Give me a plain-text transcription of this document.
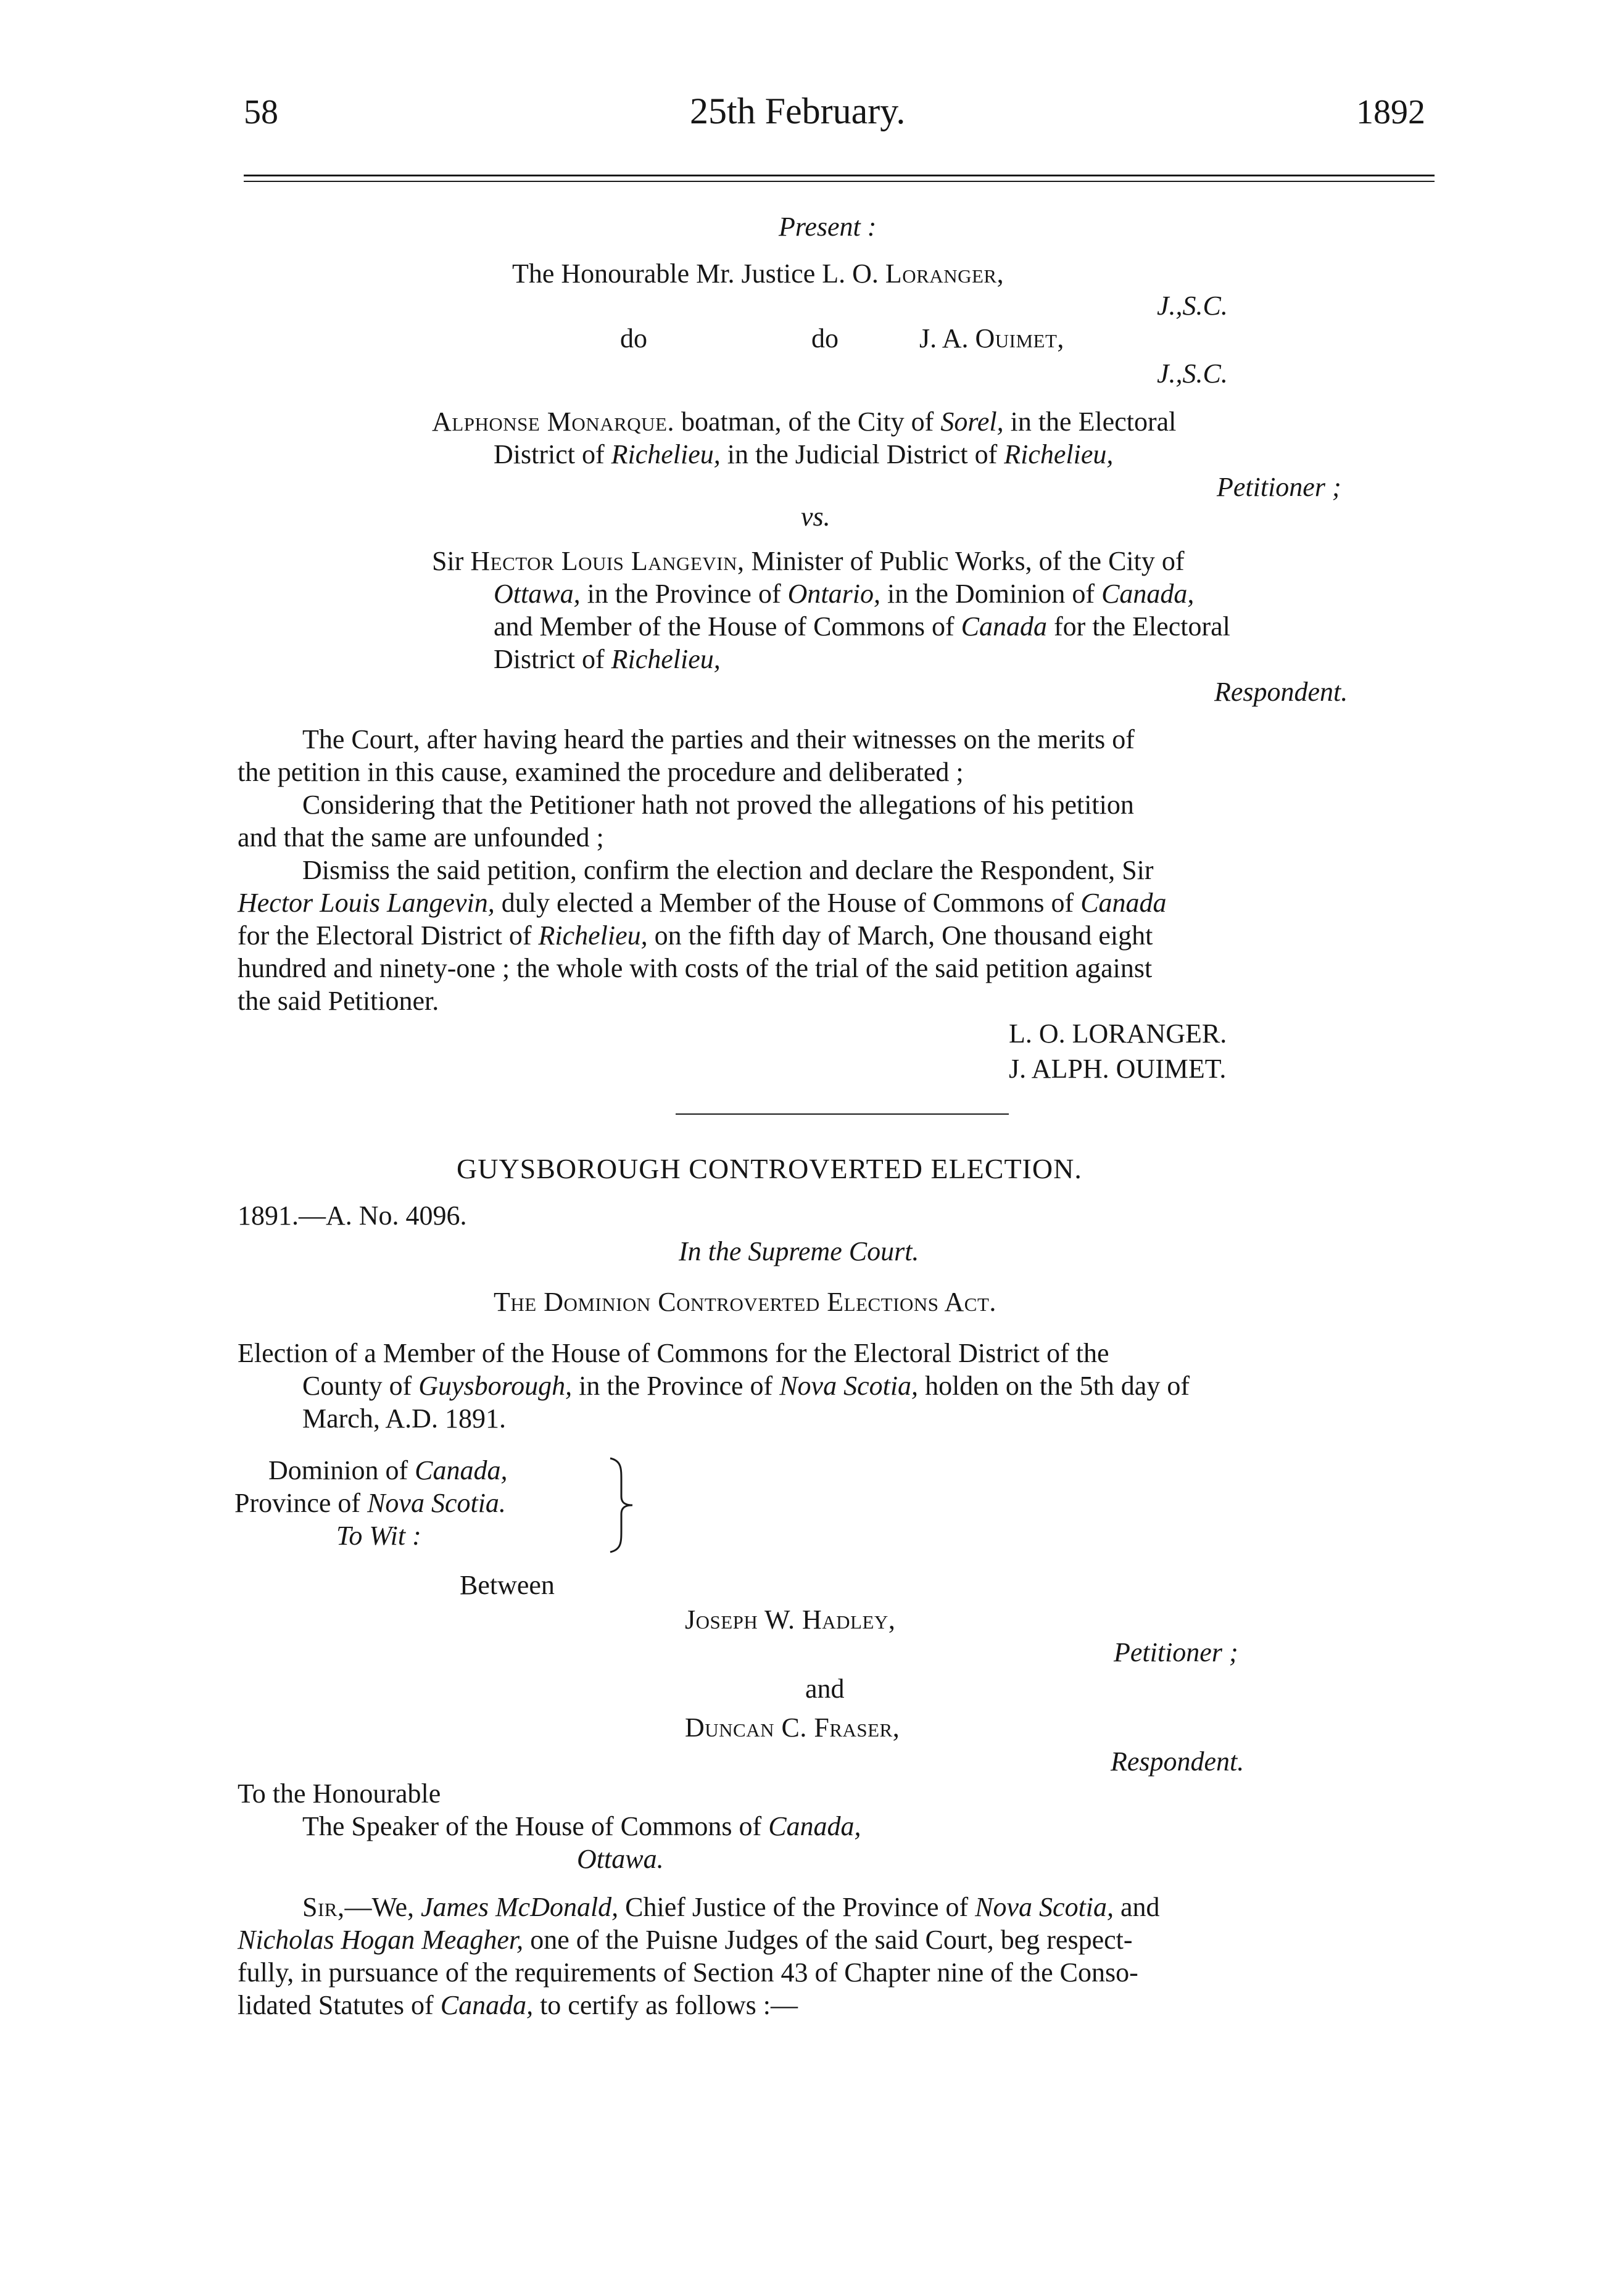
58	25th February.	1892
Present :
The Honourable Mr. Justice L. O. Loranger,
J.,S.C.
do	do	J. A. Ouimet,
J.,S.C.
Alphonse Monarque. boatman, of the City of Sorel, in the Electoral
District of Richelieu, in the Judicial District of Richelieu,
Petitioner ;
vs.
Sir Hector Louis Langevin, Minister of Public Works, of the City of
Ottawa, in the Province of Ontario, in the Dominion of Canada,
and Member of the House of Commons of Canada for the Electoral
District of Richelieu,
Respondent.
The Court, after having heard the parties and their witnesses on the merits of
the petition in this cause, examined the procedure and deliberated ;
Considering that the Petitioner hath not proved the allegations of his petition
and that the same are unfounded ;
Dismiss the said petition, confirm the election and declare the Respondent, Sir
Hector Louis Langevin, duly elected a Member of the House of Commons of Canada
for the Electoral District of Richelieu, on the fifth day of March, One thousand eight
hundred and ninety-one ; the whole with costs of the trial of the said petition against
the said Petitioner.
L. O. LORANGER.
J. ALPH. OUIMET.
GUYSBOROUGH CONTROVERTED ELECTION.
1891.—A. No. 4096.
In the Supreme Court.
The Dominion Controverted Elections Act.
Election of a Member of the House of Commons for the Electoral District of the
County of Guysborough, in the Province of Nova Scotia, holden on the 5th day of
March, A.D. 1891.
Dominion of Canada,
Province of Nova Scotia.
To Wit :
Between
Joseph W. Hadley,
Petitioner ;
and
Duncan C. Fraser,
Respondent.
To the Honourable
The Speaker of the House of Commons of Canada,
Ottawa.
Sir,—We, James McDonald, Chief Justice of the Province of Nova Scotia, and
Nicholas Hogan Meagher, one of the Puisne Judges of the said Court, beg respect-
fully, in pursuance of the requirements of Section 43 of Chapter nine of the Conso-
lidated Statutes of Canada, to certify as follows :—
